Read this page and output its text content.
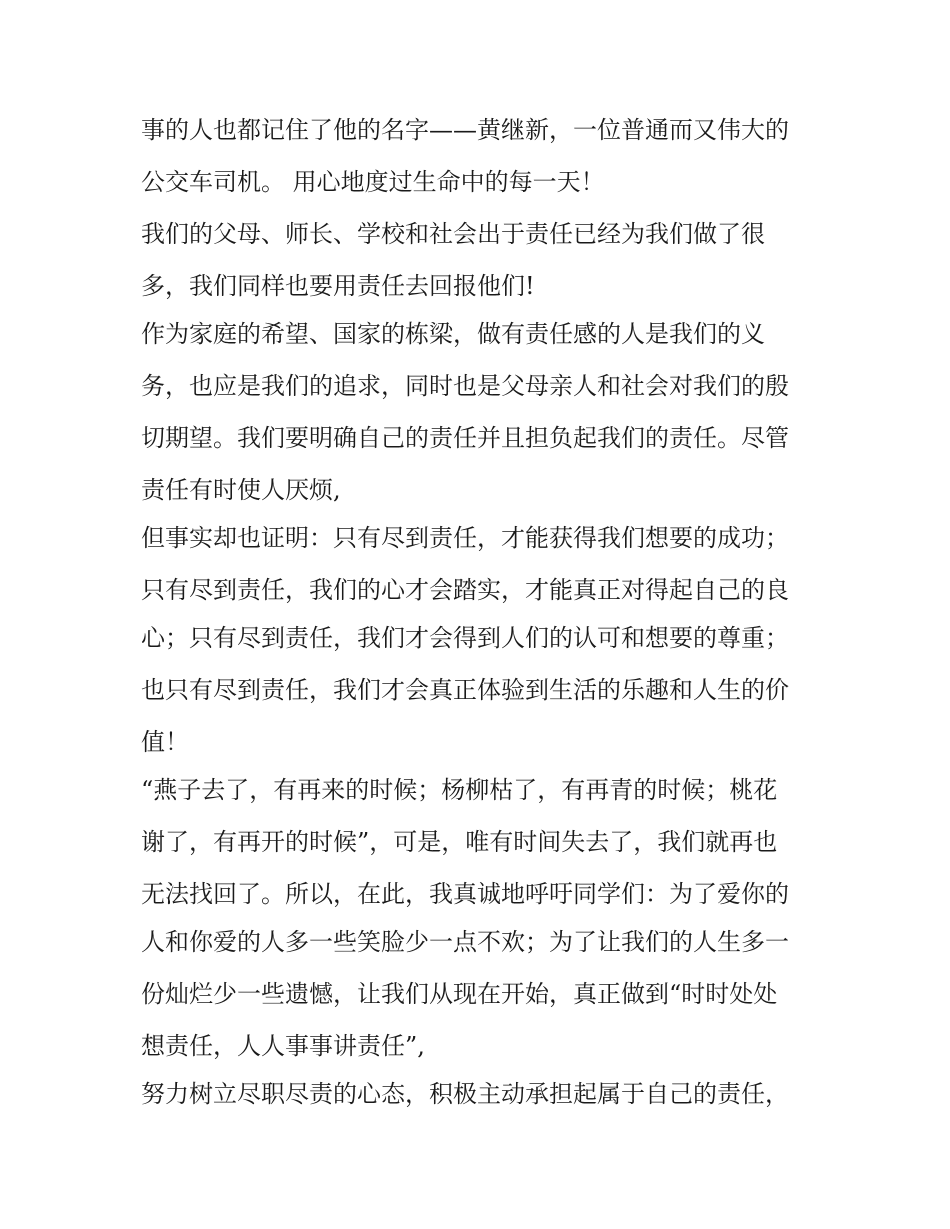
事的人也都记住了他的名字——黄继新，一位普通而又伟大的
公交车司机。 用心地度过生命中的每一天！
我们的父母、师长、学校和社会出于责任已经为我们做了很
多，我们同样也要用责任去回报他们!
作为家庭的希望、国家的栋梁，做有责任感的人是我们的义
务，也应是我们的追求，同时也是父母亲人和社会对我们的殷
切期望。我们要明确自己的责任并且担负起我们的责任。尽管
责任有时使人厌烦,
但事实却也证明：只有尽到责任，才能获得我们想要的成功；
只有尽到责任，我们的心才会踏实，才能真正对得起自己的良
心；只有尽到责任，我们才会得到人们的认可和想要的尊重；
也只有尽到责任，我们才会真正体验到生活的乐趣和人生的价
值！
“燕子去了，有再来的时候；杨柳枯了，有再青的时候；桃花
谢了，有再开的时候”，可是，唯有时间失去了，我们就再也
无法找回了。所以，在此，我真诚地呼吁同学们：为了爱你的
人和你爱的人多一些笑脸少一点不欢；为了让我们的人生多一
份灿烂少一些遗憾，让我们从现在开始，真正做到“时时处处
想责任，人人事事讲责任”,
努力树立尽职尽责的心态，积极主动承担起属于自己的责任，
